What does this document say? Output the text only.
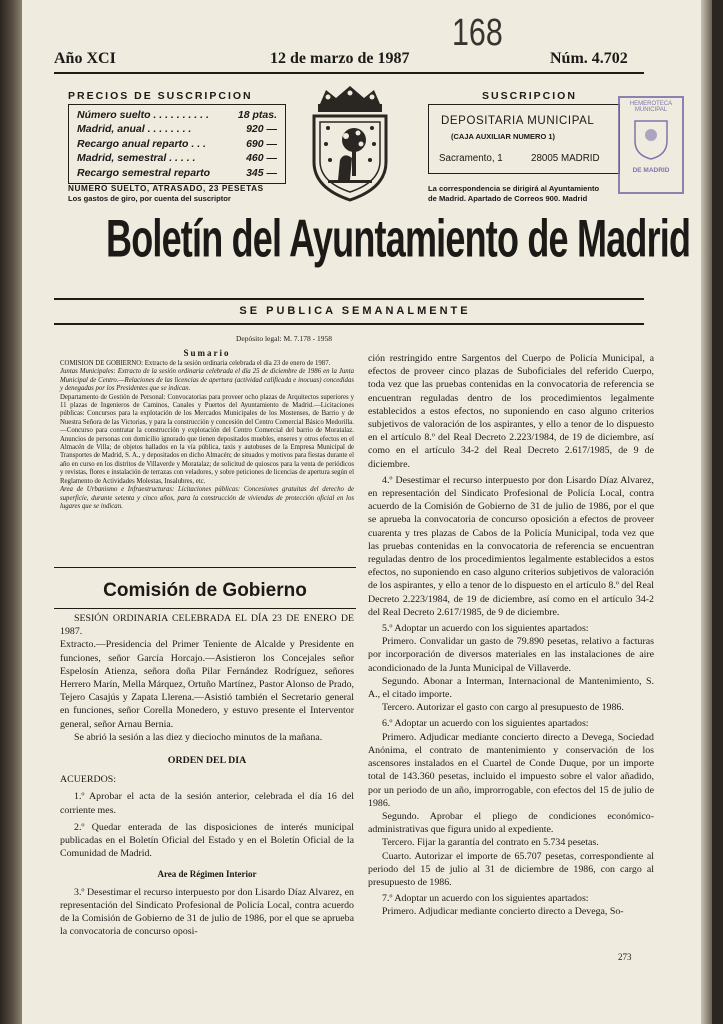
168
Año XCI	12 de marzo de 1987	Núm. 4.702
PRECIOS DE SUSCRIPCION
Número suelto . . . . . . . . . .	18 ptas.
Madrid, anual . . . . . . . .	920 —
Recargo anual reparto . . .	690 —
Madrid, semestral . . . . .	460 —
Recargo semestral reparto	345 —
NUMERO SUELTO, ATRASADO, 23 PESETAS
Los gastos de giro, por cuenta del suscriptor
SUSCRIPCION
DEPOSITARIA MUNICIPAL
(CAJA AUXILIAR NUMERO 1)
Sacramento, 1	28005 MADRID
La correspondencia se dirigirá al Ayuntamiento
de Madrid. Apartado de Correos 900. Madrid
HEMEROTECA MUNICIPAL
DE MADRID
Boletín del Ayuntamiento de Madrid
SE PUBLICA SEMANALMENTE
Depósito legal: M. 7.178 - 1958
Sumario

COMISION DE GOBIERNO: Extracto de la sesión ordinaria celebrada el día 23 de enero de 1987.

Juntas Municipales: Extracto de la sesión ordinaria celebrada el día 25 de diciembre de 1986 en la Junta Municipal de Centro.—Relaciones de las licencias de apertura (actividad calificada e inocuas) concedidas y denegadas por los Presidentes que se indican.

Departamento de Gestión de Personal: Convocatorias para proveer ocho plazas de Arquitectos superiores y 11 plazas de Ingenieros de Caminos, Canales y Puertos del Ayuntamiento de Madrid.—Licitaciones públicas: Concursos para la explotación de los Mercados Municipales de los Mostenses, de Barrio y de Nuestra Señora de las Victorias, y para la construcción y concesión del Centro Comercial Básico Medorilla.—Concurso para contratar la construcción y explotación del Centro Comercial del barrio de Moratalaz. Anuncios de personas con domicilio ignorado que tienen depositados muebles, enseres y otros efectos en el Almacén de Villa; de objetos hallados en la vía pública, taxis y autobuses de la Empresa Municipal de Transportes de Madrid, S. A., y depositados en dicho Almacén; de situados y motivos para fiestas durante el año en curso en los distritos de Villaverde y Moratalaz; de solicitud de quioscos para la venta de periódicos y revistas, flores e instalación de terrazas con veladores, y sobre peticiones de licencias de apertura según el Reglamento de Actividades Molestas, Insalubres, etc.

Area de Urbanismo e Infraestructuras: Licitaciones públicas: Concesiones gratuitas del derecho de superficie, durante setenta y cinco años, para la construcción de viviendas de protección oficial en los lugares que se indican.

Comisión de Gobierno

SESIÓN ORDINARIA CELEBRADA EL DÍA 23 DE ENERO DE 1987.

Extracto.—Presidencia del Primer Teniente de Alcalde y Presidente en funciones, señor García Horcajo.—Asistieron los Concejales señor Espelosín Atienza, señora doña Pilar Fernández Rodríguez, señores Herrero Marín, Mella Márquez, Ortuño Martínez, Pastor Alonso de Prado, Tejero Casajús y Zapata Llerena.—Asistió también el Secretario general en funciones, señor Corella Monedero, y estuvo presente el Interventor general, señor Arnau Bernia.

Se abrió la sesión a las diez y dieciocho minutos de la mañana.

ORDEN DEL DIA

ACUERDOS:

1.º Aprobar el acta de la sesión anterior, celebrada el día 16 del corriente mes.

2.º Quedar enterada de las disposiciones de interés municipal publicadas en el Boletín Oficial del Estado y en el Boletín Oficial de la Comunidad de Madrid.

Area de Régimen Interior

3.º Desestimar el recurso interpuesto por don Lisardo Díaz Alvarez, en representación del Sindicato Profesional de Policía Local, contra acuerdo de la Comisión de Gobierno de 31 de julio de 1986, por el que se aprueba la convocatoria de concurso oposi-

ción restringido entre Sargentos del Cuerpo de Policía Municipal, a efectos de proveer cinco plazas de Suboficiales del referido Cuerpo, toda vez que las pruebas contenidas en la convocatoria de referencia se encuentran reguladas dentro de los procedimientos legalmente establecidos a estos efectos, no suponiendo en caso alguno criterios subjetivos de valoración de los aspirantes, y ello a tenor de lo dispuesto en el artículo 8.º del Real Decreto 2.223/1984, de 19 de diciembre, así como en el artículo 34-2 del Real Decreto 2.617/1985, de 9 de diciembre.

4.º Desestimar el recurso interpuesto por don Lisardo Díaz Alvarez, en representación del Sindicato Profesional de Policía Local, contra acuerdo de la Comisión de Gobierno de 31 de julio de 1986, por el que se aprueba la convocatoria de concurso oposición a efectos de proveer cuarenta y tres plazas de Cabos de la Policía Municipal, toda vez que las pruebas contenidas en la convocatoria de referencia se encuentran reguladas dentro de los procedimientos legalmente establecidos a estos efectos, no suponiendo en caso alguno criterios subjetivos de valoración de los aspirantes, y ello a tenor de lo dispuesto en el artículo 8.º del Real Decreto 2.223/1984, de 19 de diciembre, así como en el artículo 34-2 del Real Decreto 2.617/1985, de 9 de diciembre.

5.º Adoptar un acuerdo con los siguientes apartados:

Primero. Convalidar un gasto de 79.890 pesetas, relativo a facturas por incorporación de diversos materiales en las instalaciones de aire acondicionado de la Junta Municipal de Villaverde.

Segundo. Abonar a Interman, Internacional de Mantenimiento, S. A., el citado importe.

Tercero. Autorizar el gasto con cargo al presupuesto de 1986.

6.º Adoptar un acuerdo con los siguientes apartados:

Primero. Adjudicar mediante concierto directo a Devega, Sociedad Anónima, el contrato de mantenimiento y conservación de los ascensores instalados en el Cuartel de Conde Duque, por un importe total de 143.360 pesetas, incluido el impuesto sobre el valor añadido, por un periodo de un año, improrrogable, con efectos del 15 de julio de 1986.

Segundo. Aprobar el pliego de condiciones económico-administrativas que figura unido al expediente.

Tercero. Fijar la garantía del contrato en 5.734 pesetas.

Cuarto. Autorizar el importe de 65.707 pesetas, correspondiente al periodo del 15 de julio al 31 de diciembre de 1986, con cargo al presupuesto de 1986.

7.º Adoptar un acuerdo con los siguientes apartados:

Primero. Adjudicar mediante concierto directo a Devega, So-

273
